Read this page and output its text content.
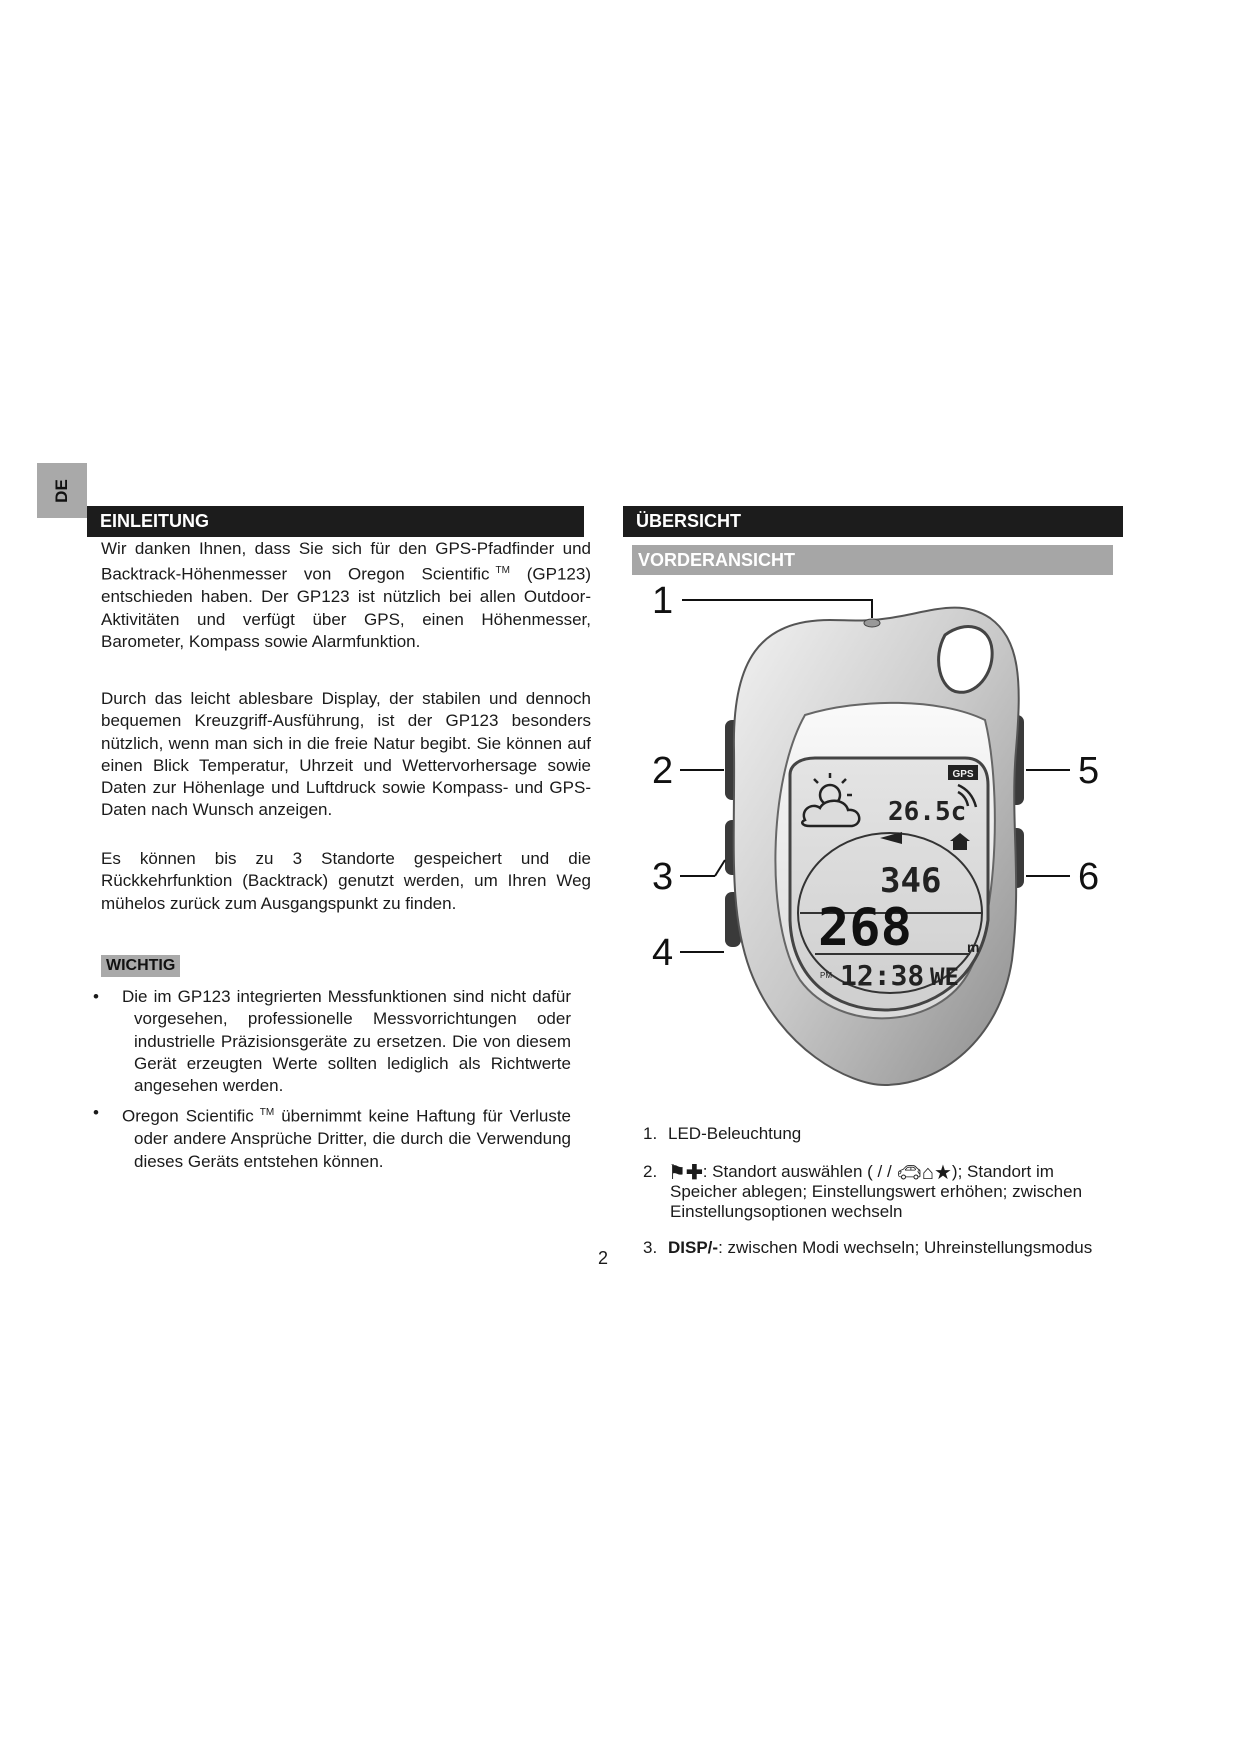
DE
EINLEITUNG

Wir danken Ihnen, dass Sie sich für den GPS-Pfadfinder und Backtrack-Höhenmesser von Oregon Scientific ™ (GP123) entschieden haben. Der GP123 ist nützlich bei allen Outdoor-Aktivitäten und verfügt über GPS, einen Höhenmesser, Barometer, Kompass sowie Alarmfunktion.

Durch das leicht ablesbare Display, der stabilen und dennoch bequemen Kreuzgriff-Ausführung, ist der GP123 besonders nützlich, wenn man sich in die freie Natur begibt. Sie können auf einen Blick Temperatur, Uhrzeit und Wettervorhersage sowie Daten zur Höhenlage und Luftdruck sowie Kompass- und GPS-Daten nach Wunsch anzeigen.

Es können bis zu 3 Standorte gespeichert und die Rückkehrfunktion (Backtrack) genutzt werden, um Ihren Weg mühelos zurück zum Ausgangspunkt zu finden.

WICHTIG
•	Die im GP123 integrierten Messfunktionen sind nicht dafür vorgesehen, professionelle Messvorrichtungen oder industrielle Präzisionsgeräte zu ersetzen. Die von diesem Gerät erzeugten Werte sollten lediglich als Richtwerte angesehen werden.
•	Oregon Scientific ™ übernimmt keine Haftung für Verluste oder andere Ansprüche Dritter, die durch die Verwendung dieses Geräts entstehen können.
2
ÜBERSICHT
VORDERANSICHT
GPS
26.5c
346
268	m
PM 12:38 WE
1
2
3
4
5
6

1. LED-Beleuchtung

2. ⚑✚: Standort auswählen ( / / 🚗︎⌂★); Standort im
Speicher ablegen; Einstellungswert erhöhen; zwischen Einstellungsoptionen wechseln

3. DISP/-: zwischen Modi wechseln; Uhreinstellungsmodus
